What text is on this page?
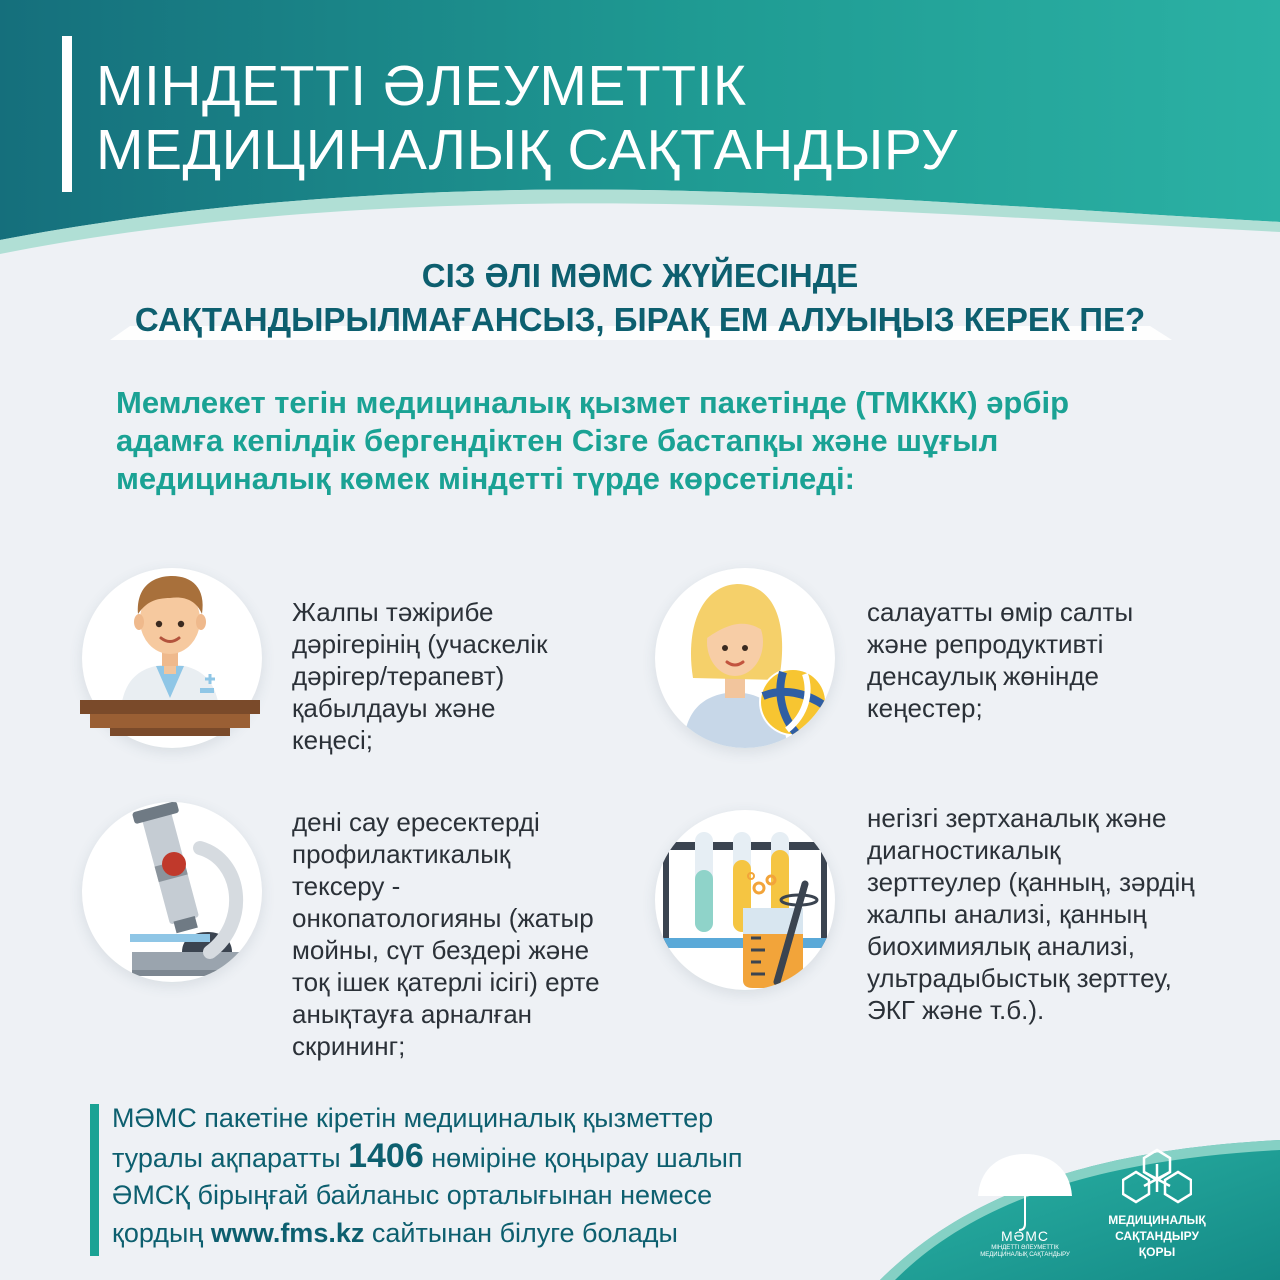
МІНДЕТТІ ӘЛЕУМЕТТІК
МЕДИЦИНАЛЫҚ САҚТАНДЫРУ
СІЗ ӘЛІ МӘМС ЖҮЙЕСІНДЕ
САҚТАНДЫРЫЛМАҒАНСЫЗ, БІРАҚ ЕМ АЛУЫҢЫЗ КЕРЕК ПЕ?

Мемлекет тегін медициналық қызмет пакетінде (ТМККК) әрбір
адамға кепілдік бергендіктен Сізге бастапқы және шұғыл
медициналық көмек міндетті түрде көрсетіледі:

Жалпы тәжірибе
дәрігерінің (учаскелік
дәрігер/терапевт)
қабылдауы және
кеңесі;

салауатты өмір салты
және репродуктивті
денсаулық жөнінде
кеңестер;

дені сау ересектерді
профилактикалық
тексеру -
онкопатологияны (жатыр
мойны, сүт бездері және
тоқ ішек қатерлі ісігі) ерте
анықтауға арналған
скрининг;

негізгі зертханалық және
диагностикалық
зерттеулер (қанның, зәрдің
жалпы анализі, қанның
биохимиялық анализі,
ультрадыбыстық зерттеу,
ЭКГ және т.б.).

МӘМС пакетіне кіретін медициналық қызметтер
туралы ақпаратты 1406 нөміріне қоңырау шалып
ӘМСҚ бірыңғай байланыс орталығынан немесе
қордың www.fms.kz сайтынан білуге болады	МӘМС
МІНДЕТТІ ӘЛЕУМЕТТІК
МЕДИЦИНАЛЫҚ САҚТАНДЫРУ
МЕДИЦИНАЛЫҚ
САҚТАНДЫРУ
ҚОРЫ
